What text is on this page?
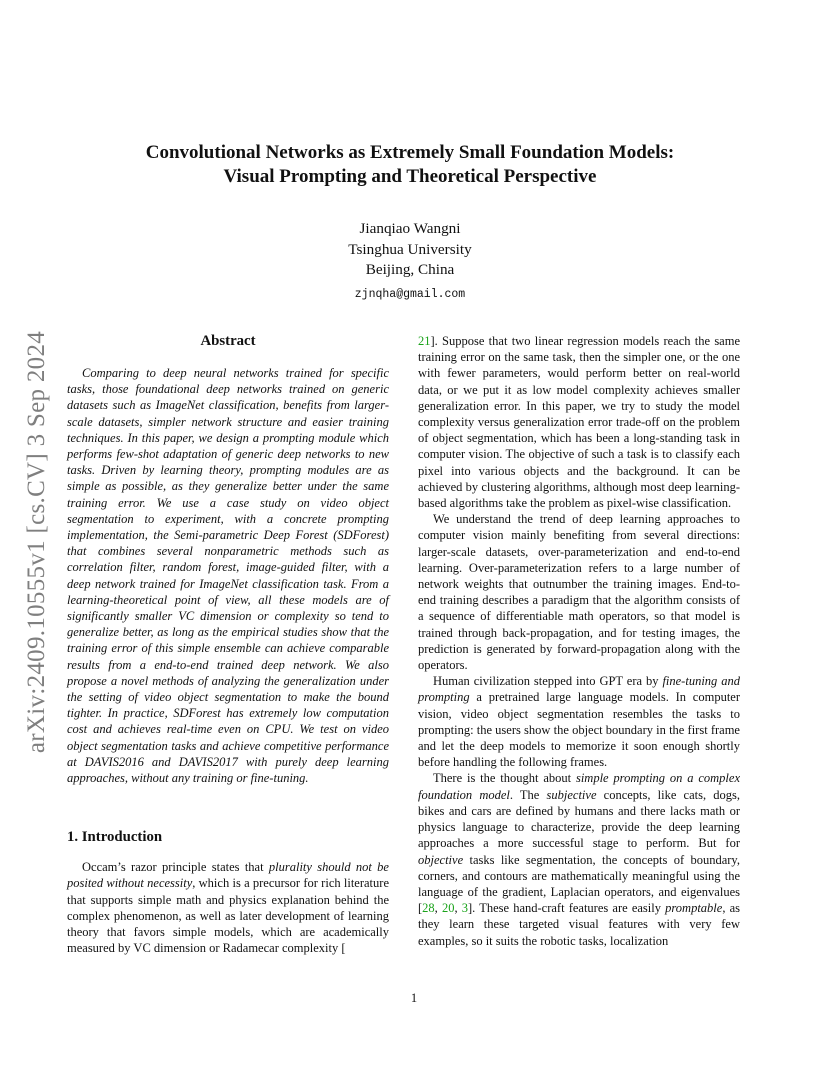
arXiv:2409.10555v1 [cs.CV] 3 Sep 2024
Convolutional Networks as Extremely Small Foundation Models:
Visual Prompting and Theoretical Perspective
Jianqiao Wangni
Tsinghua University
Beijing, China
zjnqha@gmail.com
Abstract

Comparing to deep neural networks trained for specific tasks, those foundational deep networks trained on generic datasets such as ImageNet classification, benefits from larger-scale datasets, simpler network structure and easier training techniques. In this paper, we design a prompting module which performs few-shot adaptation of generic deep networks to new tasks. Driven by learning theory, prompting modules are as simple as possible, as they generalize better under the same training error. We use a case study on video object segmentation to experiment, with a concrete prompting implementation, the Semi-parametric Deep Forest (SDForest) that combines several nonparametric methods such as correlation filter, random forest, image-guided filter, with a deep network trained for ImageNet classification task. From a learning-theoretical point of view, all these models are of significantly smaller VC dimension or complexity so tend to generalize better, as long as the empirical studies show that the training error of this simple ensemble can achieve comparable results from a end-to-end trained deep network. We also propose a novel methods of analyzing the generalization under the setting of video object segmentation to make the bound tighter. In practice, SDForest has extremely low computation cost and achieves real-time even on CPU. We test on video object segmentation tasks and achieve competitive performance at DAVIS2016 and DAVIS2017 with purely deep learning approaches, without any training or fine-tuning.

1. Introduction

Occam’s razor principle states that plurality should not be posited without necessity, which is a precursor for rich literature that supports simple math and physics explanation behind the complex phenomenon, as well as later development of learning theory that favors simple models, which are academically measured by VC dimension or Radamecar complexity [

21]. Suppose that two linear regression models reach the same training error on the same task, then the simpler one, or the one with fewer parameters, would perform better on real-world data, or we put it as low model complexity achieves smaller generalization error. In this paper, we try to study the model complexity versus generalization error trade-off on the problem of object segmentation, which has been a long-standing task in computer vision. The objective of such a task is to classify each pixel into various objects and the background. It can be achieved by clustering algorithms, although most deep learning-based algorithms take the problem as pixel-wise classification.

We understand the trend of deep learning approaches to computer vision mainly benefiting from several directions: larger-scale datasets, over-parameterization and end-to-end learning. Over-parameterization refers to a large number of network weights that outnumber the training images. End-to-end training describes a paradigm that the algorithm consists of a sequence of differentiable math operators, so that model is trained through back-propagation, and for testing images, the prediction is generated by forward-propagation along with the operators.

Human civilization stepped into GPT era by fine-tuning and prompting a pretrained large language models. In computer vision, video object segmentation resembles the tasks to prompting: the users show the object boundary in the first frame and let the deep models to memorize it soon enough shortly before handling the following frames.

There is the thought about simple prompting on a complex foundation model. The subjective concepts, like cats, dogs, bikes and cars are defined by humans and there lacks math or physics language to characterize, provide the deep learning approaches a more successful stage to perform. But for objective tasks like segmentation, the concepts of boundary, corners, and contours are mathematically meaningful using the language of the gradient, Laplacian operators, and eigenvalues [28, 20, 3]. These hand-craft features are easily promptable, as they learn these targeted visual features with very few examples, so it suits the robotic tasks, localization

1
